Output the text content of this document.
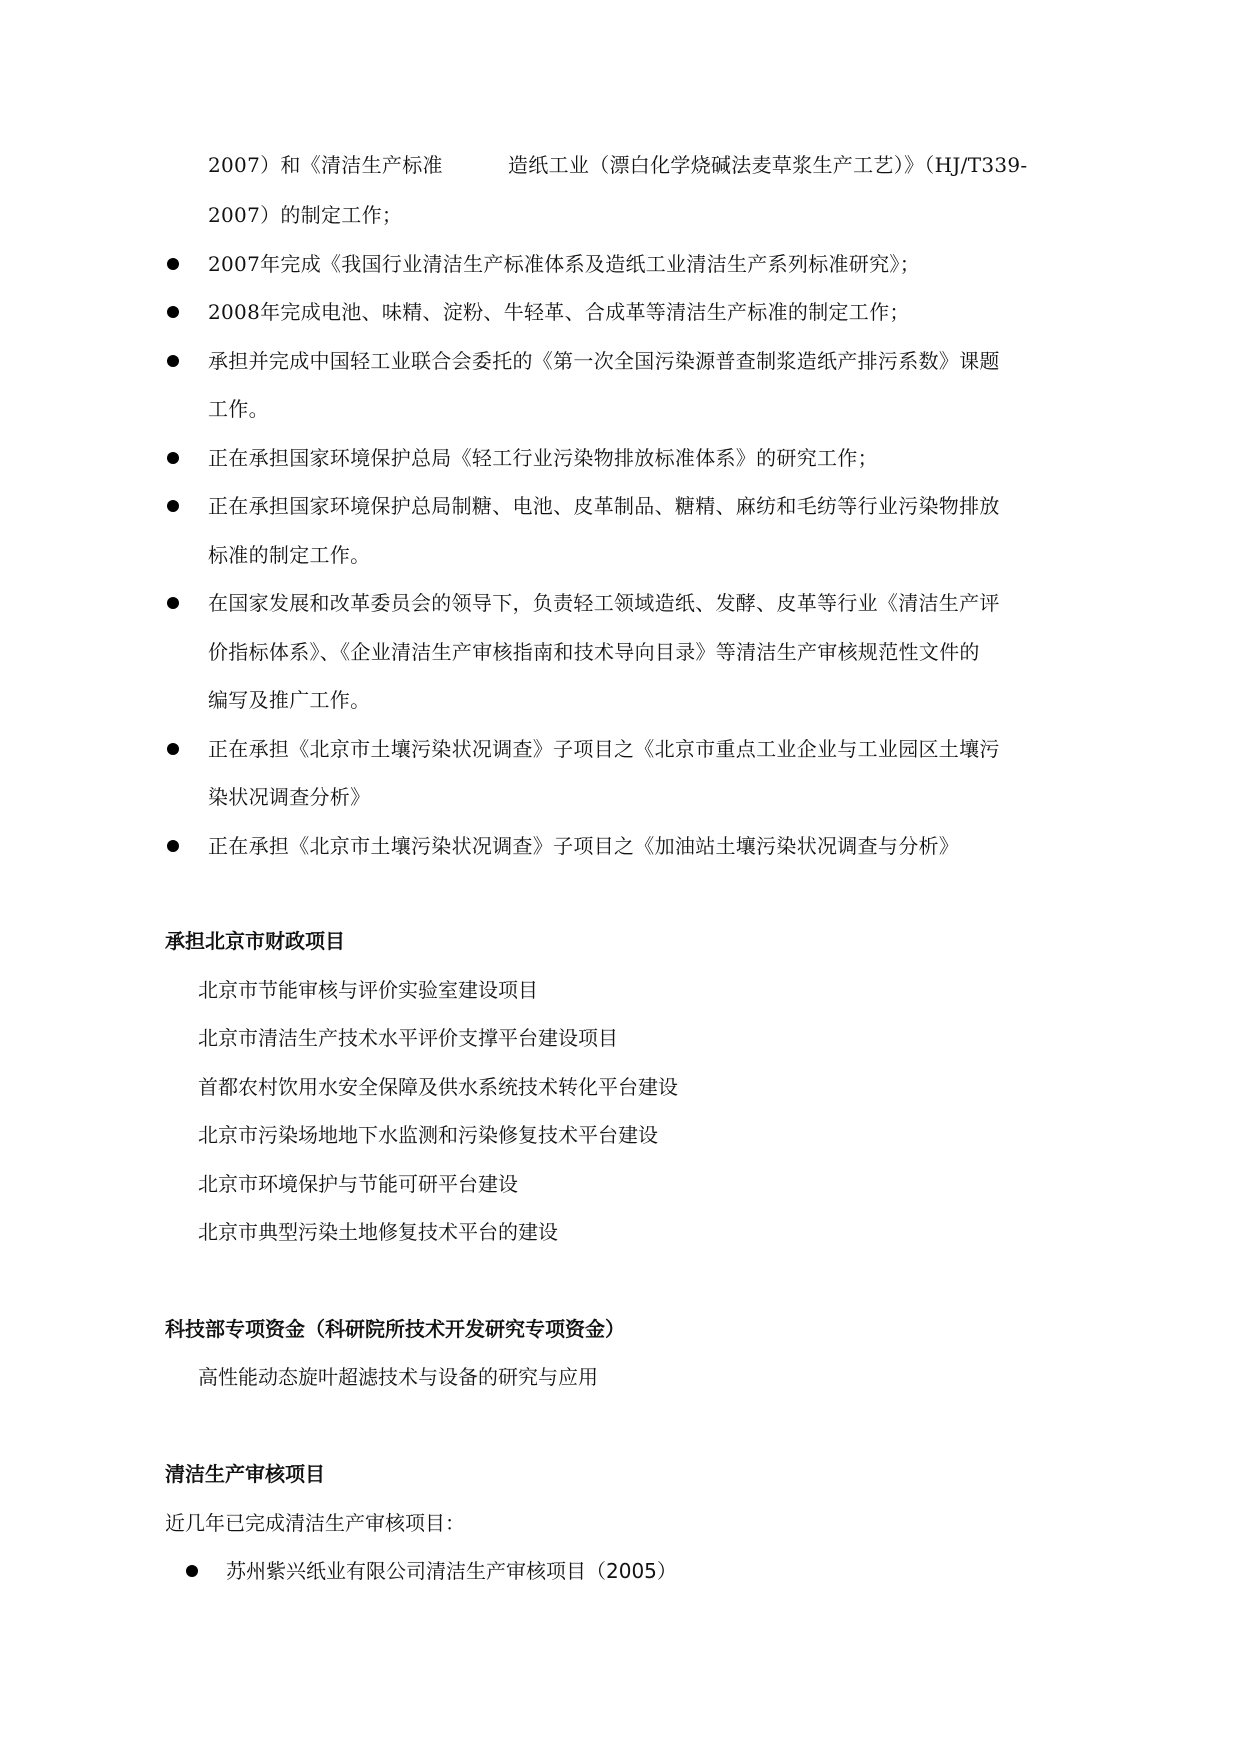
2007）和《清洁生产标准	造纸工业（漂白化学烧碱法麦草浆生产工艺）》（HJ/T339-
2007）的制定工作；
2007年完成《我国行业清洁生产标准体系及造纸工业清洁生产系列标准研究》；
2008年完成电池、味精、淀粉、牛轻革、合成革等清洁生产标准的制定工作；
承担并完成中国轻工业联合会委托的《第一次全国污染源普查制浆造纸产排污系数》课题
工作。
正在承担国家环境保护总局《轻工行业污染物排放标准体系》的研究工作；
正在承担国家环境保护总局制糖、电池、皮革制品、糖精、麻纺和毛纺等行业污染物排放
标准的制定工作。
在国家发展和改革委员会的领导下，负责轻工领域造纸、发酵、皮革等行业《清洁生产评
价指标体系》、《企业清洁生产审核指南和技术导向目录》等清洁生产审核规范性文件的
编写及推广工作。
正在承担《北京市土壤污染状况调查》子项目之《北京市重点工业企业与工业园区土壤污
染状况调查分析》
正在承担《北京市土壤污染状况调查》子项目之《加油站土壤污染状况调查与分析》
承担北京市财政项目
北京市节能审核与评价实验室建设项目
北京市清洁生产技术水平评价支撑平台建设项目
首都农村饮用水安全保障及供水系统技术转化平台建设
北京市污染场地地下水监测和污染修复技术平台建设
北京市环境保护与节能可研平台建设
北京市典型污染土地修复技术平台的建设
科技部专项资金（科研院所技术开发研究专项资金）
高性能动态旋叶超滤技术与设备的研究与应用
清洁生产审核项目
近几年已完成清洁生产审核项目：
苏州紫兴纸业有限公司清洁生产审核项目（2005）
